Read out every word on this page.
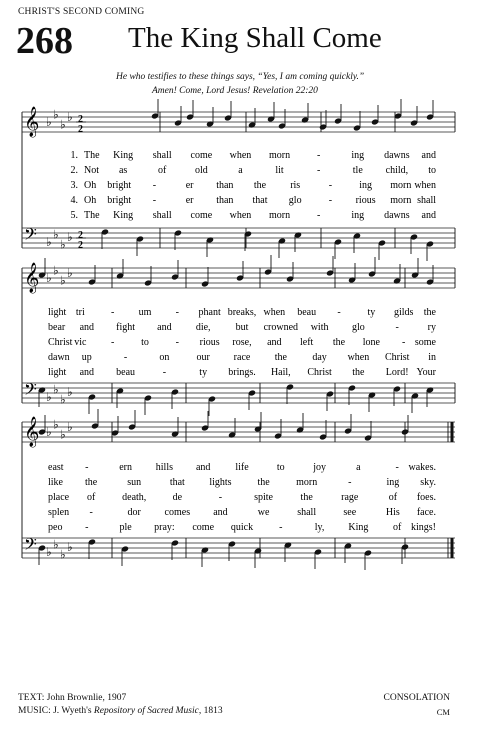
CHRIST'S SECOND COMING
268 The King Shall Come
He who testifies to these things says, “Yes, I am coming quickly.”
Amen! Come, Lord Jesus! Revelation 22:20
𝄞
𝄢
♭
♭
♭
♭
♭
♭
♭
♭
2
2
2
2
1. The King shall come when morn	-	ing dawns and
2. Not as	of	old	a	lit	-	tle child, to
3. Oh bright -	er than the ris	-	ing morn when
4. Oh bright -	er than that glo	- rious morn shall
5. The King shall come when morn	-	ing dawns and
𝄞
𝄢
♭
♭
♭
♭
♭
♭
♭
♭
light tri	- um - phant breaks, when beau -	ty gilds the
bear and fight and die,	but crowned with glo	-	ry
Christ vic -	to	- rious rose, and left the lone - some
dawn up	-	on	our race the	day when Christ in
light and beau	-	ty brings. Hail, Christ the Lord! Your
𝄞
𝄢
♭
♭
♭
♭
♭
♭
♭
♭
east -	ern hills and life	to	joy	a	- wakes.
like the	sun	that lights	the	morn	-	ing sky.
place of	death,	de	-	spite	the	rage	of foes.
splen -	dor comes and	we	shall	see	His face.
peo -	ple pray: come quick	-	ly, King of kings!
TEXT: John Brownlie, 1907
MUSIC: J. Wyeth's Repository of Sacred Music, 1813
CONSOLATION
CM
